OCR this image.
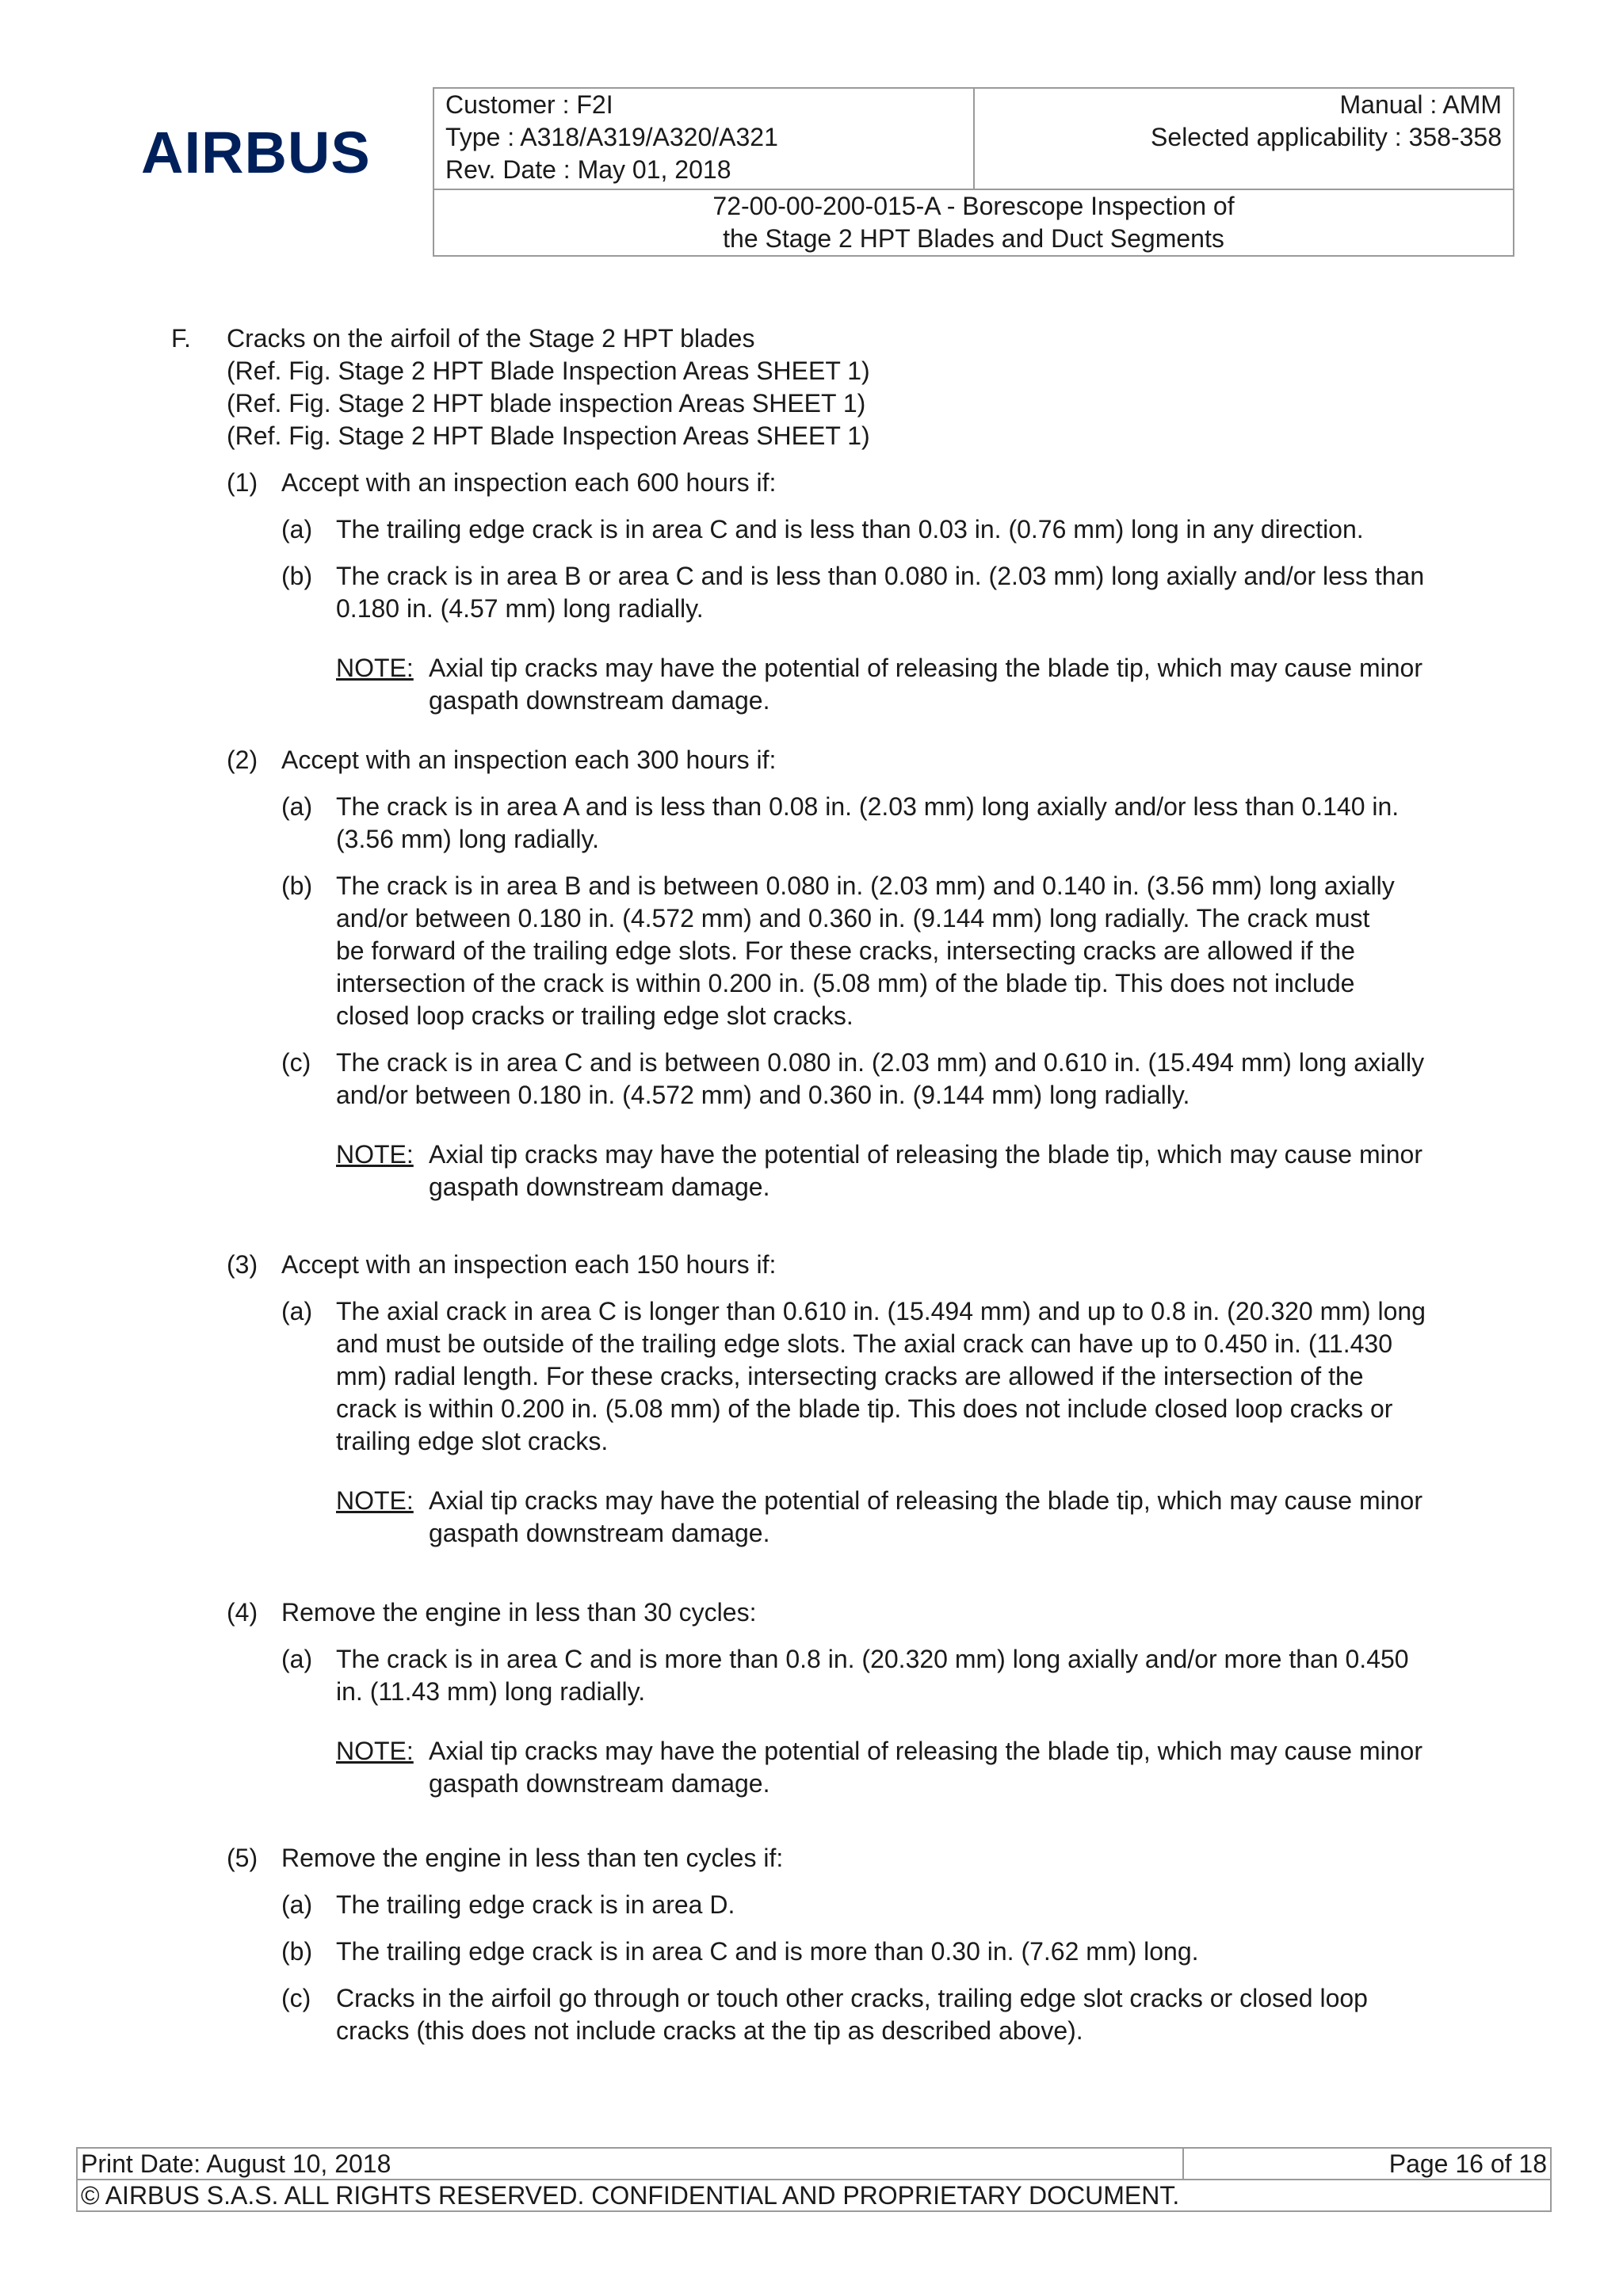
AIRBUS
Customer : F2I
Type : A318/A319/A320/A321
Rev. Date : May 01, 2018
Manual : AMM
Selected applicability : 358-358
72-00-00-200-015-A - Borescope Inspection of
the Stage 2 HPT Blades and Duct Segments
F. Cracks on the airfoil of the Stage 2 HPT blades
(Ref. Fig. Stage 2 HPT Blade Inspection Areas SHEET 1)
(Ref. Fig. Stage 2 HPT blade inspection Areas SHEET 1)
(Ref. Fig. Stage 2 HPT Blade Inspection Areas SHEET 1)
(1) Accept with an inspection each 600 hours if:
(a) The trailing edge crack is in area C and is less than 0.03 in. (0.76 mm) long in any direction.
(b) The crack is in area B or area C and is less than 0.080 in. (2.03 mm) long axially and/or less than
0.180 in. (4.57 mm) long radially.
NOTE: Axial tip cracks may have the potential of releasing the blade tip, which may cause minor
gaspath downstream damage.
(2) Accept with an inspection each 300 hours if:
(a) The crack is in area A and is less than 0.08 in. (2.03 mm) long axially and/or less than 0.140 in.
(3.56 mm) long radially.
(b) The crack is in area B and is between 0.080 in. (2.03 mm) and 0.140 in. (3.56 mm) long axially
and/or between 0.180 in. (4.572 mm) and 0.360 in. (9.144 mm) long radially. The crack must
be forward of the trailing edge slots. For these cracks, intersecting cracks are allowed if the
intersection of the crack is within 0.200 in. (5.08 mm) of the blade tip. This does not include
closed loop cracks or trailing edge slot cracks.
(c) The crack is in area C and is between 0.080 in. (2.03 mm) and 0.610 in. (15.494 mm) long axially
and/or between 0.180 in. (4.572 mm) and 0.360 in. (9.144 mm) long radially.
NOTE: Axial tip cracks may have the potential of releasing the blade tip, which may cause minor
gaspath downstream damage.
(3) Accept with an inspection each 150 hours if:
(a) The axial crack in area C is longer than 0.610 in. (15.494 mm) and up to 0.8 in. (20.320 mm) long
and must be outside of the trailing edge slots. The axial crack can have up to 0.450 in. (11.430
mm) radial length. For these cracks, intersecting cracks are allowed if the intersection of the
crack is within 0.200 in. (5.08 mm) of the blade tip. This does not include closed loop cracks or
trailing edge slot cracks.
NOTE: Axial tip cracks may have the potential of releasing the blade tip, which may cause minor
gaspath downstream damage.
(4) Remove the engine in less than 30 cycles:
(a) The crack is in area C and is more than 0.8 in. (20.320 mm) long axially and/or more than 0.450
in. (11.43 mm) long radially.
NOTE: Axial tip cracks may have the potential of releasing the blade tip, which may cause minor
gaspath downstream damage.
(5) Remove the engine in less than ten cycles if:
(a) The trailing edge crack is in area D.
(b) The trailing edge crack is in area C and is more than 0.30 in. (7.62 mm) long.
(c) Cracks in the airfoil go through or touch other cracks, trailing edge slot cracks or closed loop
cracks (this does not include cracks at the tip as described above).
Print Date: August 10, 2018	Page 16 of 18
© AIRBUS S.A.S. ALL RIGHTS RESERVED. CONFIDENTIAL AND PROPRIETARY DOCUMENT.
